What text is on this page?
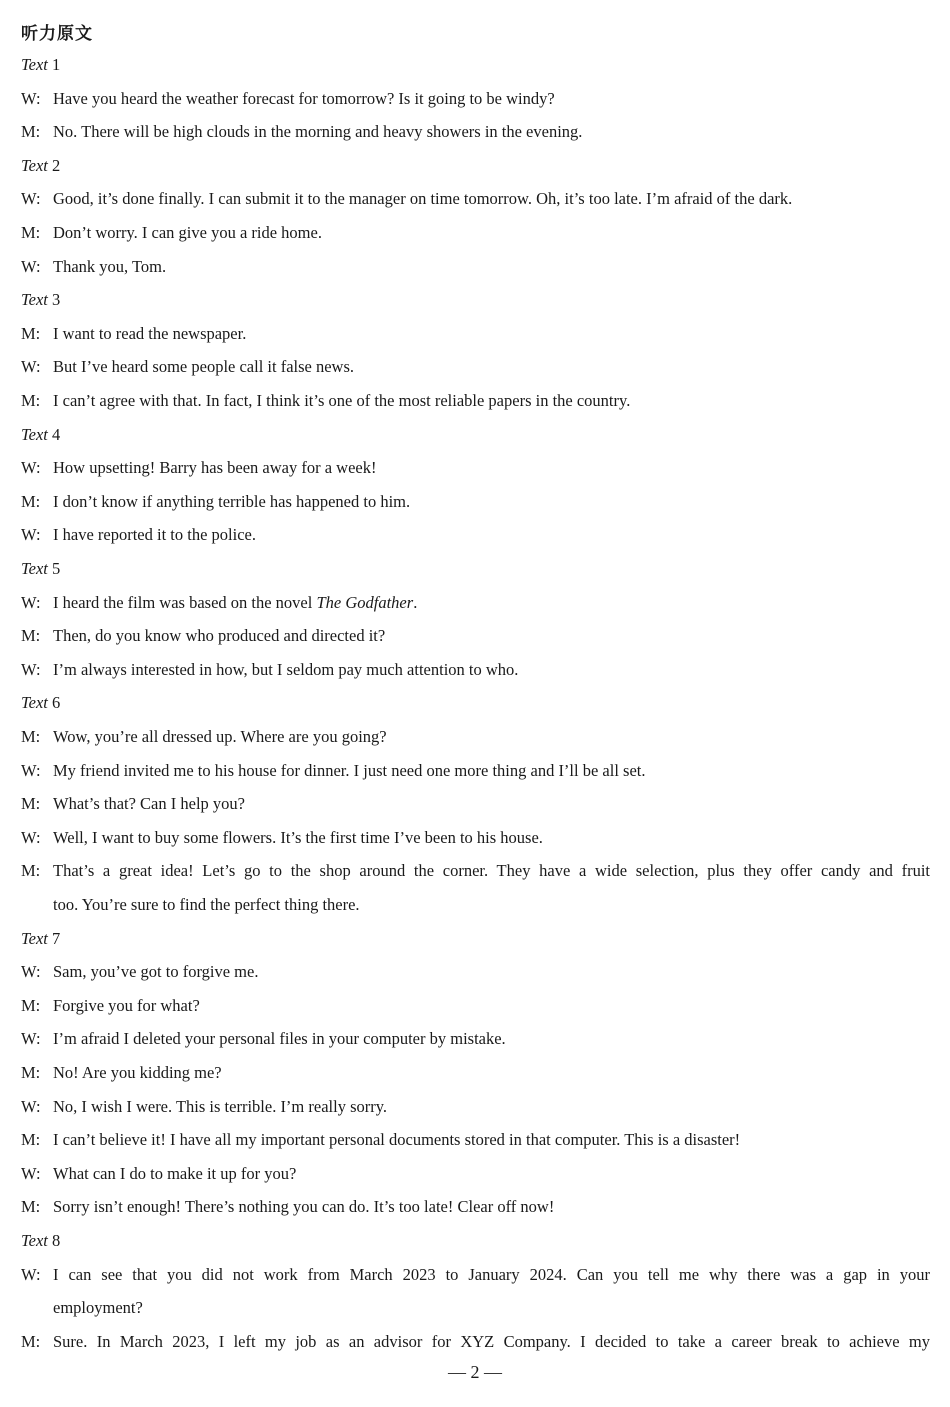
听力原文
Text 1
W: Have you heard the weather forecast for tomorrow? Is it going to be windy?
M: No. There will be high clouds in the morning and heavy showers in the evening.
Text 2
W: Good, it’s done finally. I can submit it to the manager on time tomorrow. Oh, it’s too late. I’m afraid of the dark.
M: Don’t worry. I can give you a ride home.
W: Thank you, Tom.
Text 3
M: I want to read the newspaper.
W: But I’ve heard some people call it false news.
M: I can’t agree with that. In fact, I think it’s one of the most reliable papers in the country.
Text 4
W: How upsetting! Barry has been away for a week!
M: I don’t know if anything terrible has happened to him.
W: I have reported it to the police.
Text 5
W: I heard the film was based on the novel The Godfather.
M: Then, do you know who produced and directed it?
W: I’m always interested in how, but I seldom pay much attention to who.
Text 6
M: Wow, you’re all dressed up. Where are you going?
W: My friend invited me to his house for dinner. I just need one more thing and I’ll be all set.
M: What’s that? Can I help you?
W: Well, I want to buy some flowers. It’s the first time I’ve been to his house.
M: That’s a great idea! Let’s go to the shop around the corner. They have a wide selection, plus they offer candy and fruit
too. You’re sure to find the perfect thing there.
Text 7
W: Sam, you’ve got to forgive me.
M: Forgive you for what?
W: I’m afraid I deleted your personal files in your computer by mistake.
M: No! Are you kidding me?
W: No, I wish I were. This is terrible. I’m really sorry.
M: I can’t believe it! I have all my important personal documents stored in that computer. This is a disaster!
W: What can I do to make it up for you?
M: Sorry isn’t enough! There’s nothing you can do. It’s too late! Clear off now!
Text 8
W: I can see that you did not work from March 2023 to January 2024. Can you tell me why there was a gap in your
employment?
M: Sure. In March 2023, I left my job as an advisor for XYZ Company. I decided to take a career break to achieve my
— 2 —
